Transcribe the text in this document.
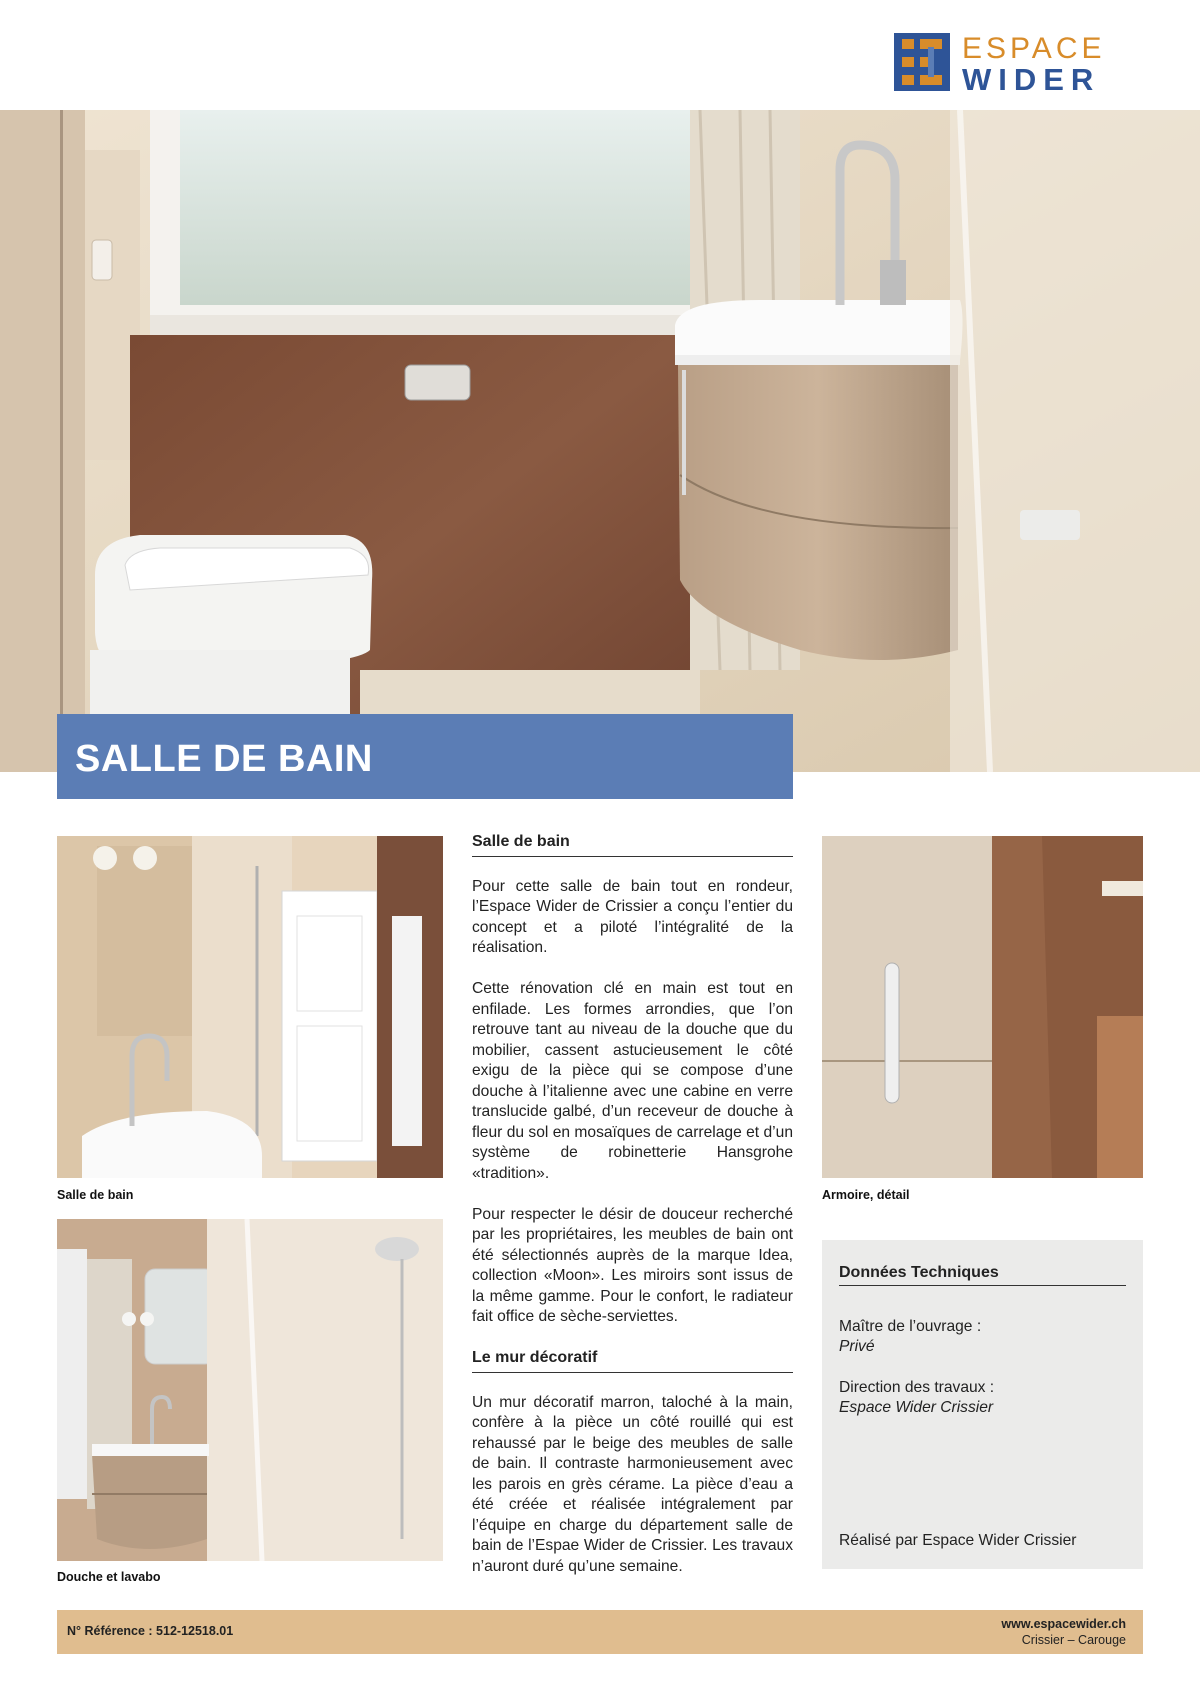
ESPACE
WIDER
SALLE DE BAIN
Salle de bain
Douche et lavabo
Armoire, détail
Salle de bain

Pour cette salle de bain tout en rondeur, l’Espace Wider de Crissier a conçu l’entier du concept et a piloté l’intégralité de la réalisation.

Cette rénovation clé en main est tout en enfilade. Les formes arrondies, que l’on retrouve tant au niveau de la douche que du mobilier, cassent astucieusement le côté exigu de la pièce qui se compose d’une douche à l’italienne avec une cabine en verre translucide galbé, d’un receveur de douche à fleur du sol en mosaïques de carrelage et d’un système de robinetterie Hansgrohe «tradition».

Pour respecter le désir de douceur recherché par les propriétaires, les meubles de bain ont été sélectionnés auprès de la marque Idea, collection «Moon». Les miroirs sont issus de la même gamme. Pour le confort, le radiateur fait office de sèche-serviettes.

Le mur décoratif

Un mur décoratif marron, taloché à la main, confère à la pièce un côté rouillé qui est rehaussé par le beige des meubles de salle de bain. Il contraste harmonieusement avec les parois en grès cérame. La pièce d’eau a été créée et réalisée intégralement par l’équipe en charge du département salle de bain de l’Espae Wider de Crissier. Les travaux n’auront duré qu’une semaine.

Données Techniques
Maître de l’ouvrage :
Privé
Direction des travaux :
Espace Wider Crissier
Réalisé par Espace Wider Crissier
N° Référence : 512-12518.01	www.espacewider.ch
Crissier – Carouge
